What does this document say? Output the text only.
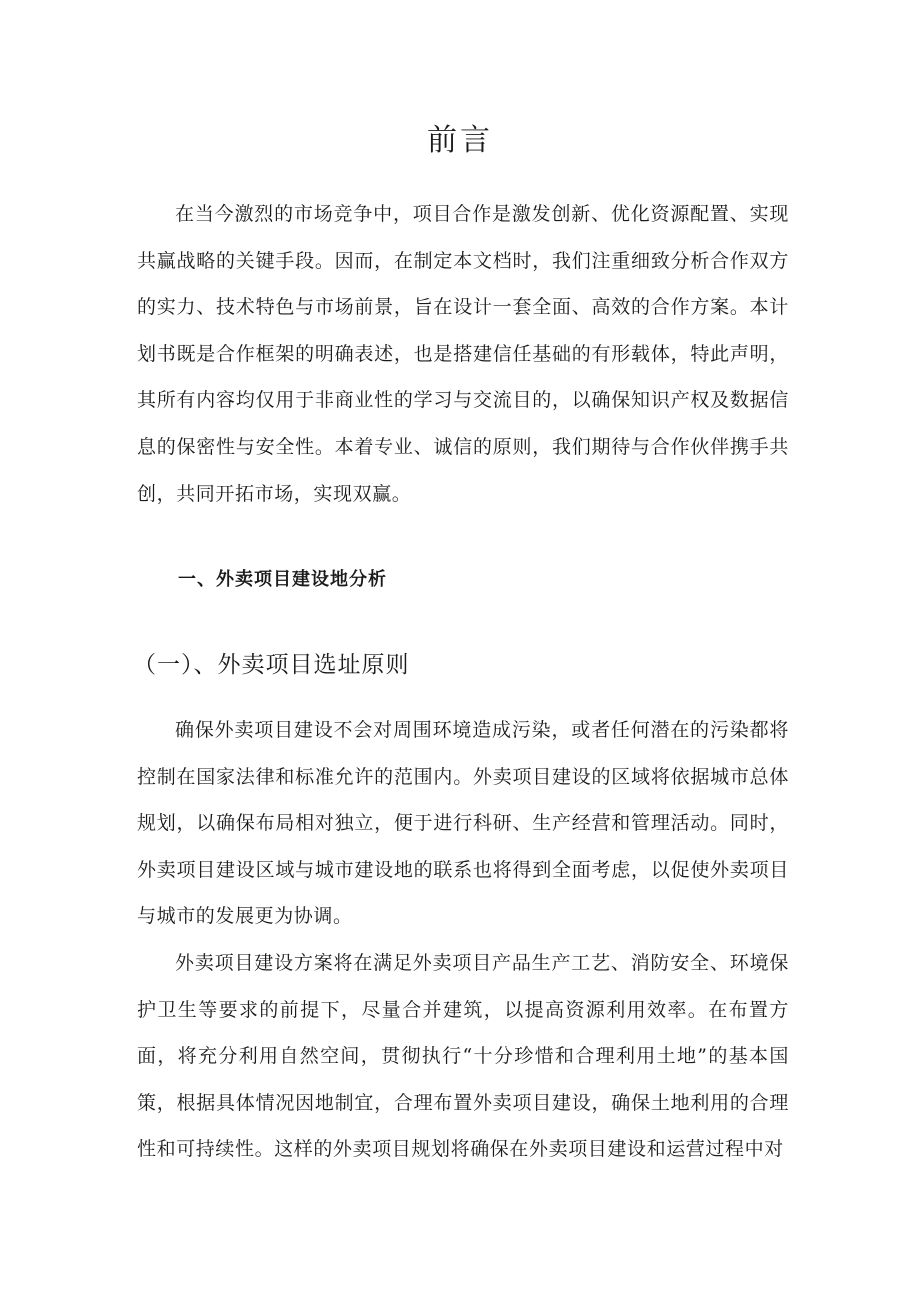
前言

在当今激烈的市场竞争中，项目合作是激发创新、优化资源配置、实现共赢战略的关键手段。因而，在制定本文档时，我们注重细致分析合作双方的实力、技术特色与市场前景，旨在设计一套全面、高效的合作方案。本计划书既是合作框架的明确表述，也是搭建信任基础的有形载体，特此声明，其所有内容均仅用于非商业性的学习与交流目的，以确保知识产权及数据信息的保密性与安全性。本着专业、诚信的原则，我们期待与合作伙伴携手共创，共同开拓市场，实现双赢。

一、外卖项目建设地分析
（一）、外卖项目选址原则

确保外卖项目建设不会对周围环境造成污染，或者任何潜在的污染都将控制在国家法律和标准允许的范围内。外卖项目建设的区域将依据城市总体规划，以确保布局相对独立，便于进行科研、生产经营和管理活动。同时，外卖项目建设区域与城市建设地的联系也将得到全面考虑，以促使外卖项目与城市的发展更为协调。

外卖项目建设方案将在满足外卖项目产品生产工艺、消防安全、环境保护卫生等要求的前提下，尽量合并建筑，以提高资源利用效率。在布置方面，将充分利用自然空间，贯彻执行“十分珍惜和合理利用土地”的基本国策，根据具体情况因地制宜，合理布置外卖项目建设，确保土地利用的合理性和可持续性。这样的外卖项目规划将确保在外卖项目建设和运营过程中对
